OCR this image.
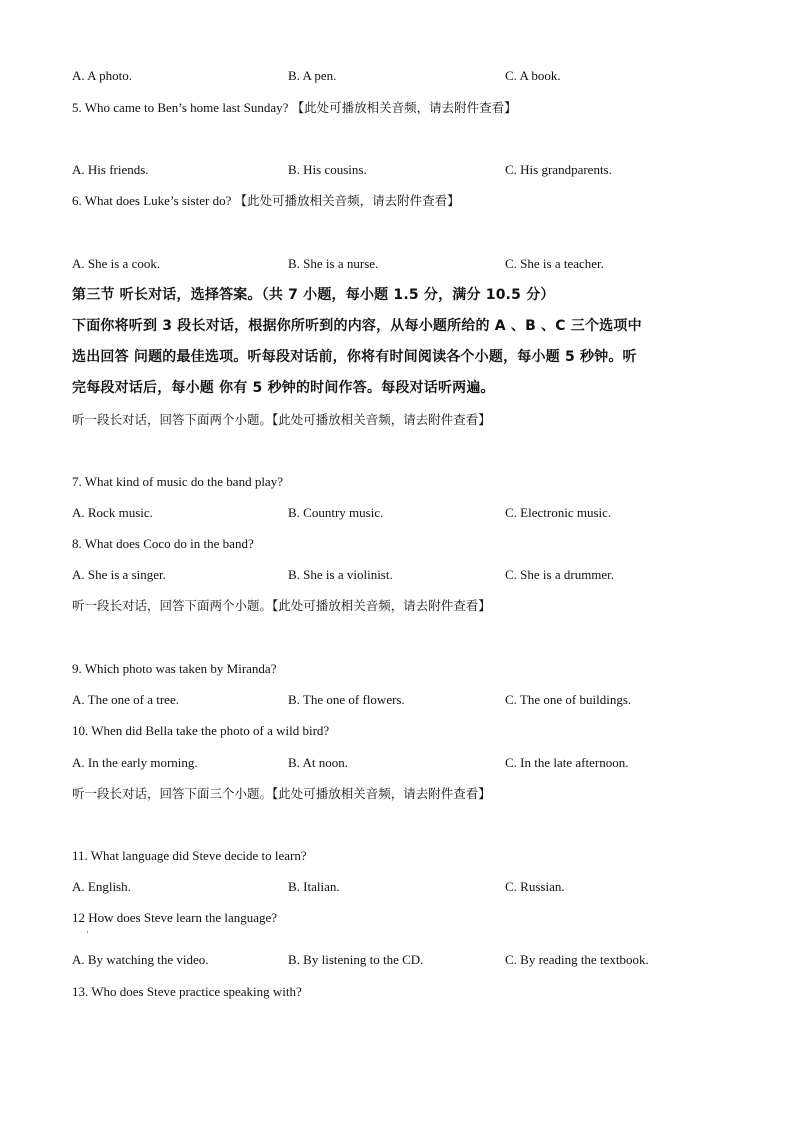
A. A photo.	B. A pen.	C. A book.
5. Who came to Ben’s home last Sunday? 【此处可播放相关音频，请去附件查看】
A. His friends.	B. His cousins.	C. His grandparents.
6. What does Luke’s sister do? 【此处可播放相关音频，请去附件查看】
A. She is a cook.	B. She is a nurse.	C. She is a teacher.
第三节 听长对话，选择答案。（共 7 小题，每小题 1.5 分，满分 10.5 分）
下面你将听到 3 段长对话，根据你所听到的内容，从每小题所给的 A 、B 、C 三个选项中
选出回答 问题的最佳选项。听每段对话前，你将有时间阅读各个小题，每小题 5 秒钟。听
完每段对话后，每小题 你有 5 秒钟的时间作答。每段对话听两遍。
听一段长对话，回答下面两个小题。【此处可播放相关音频，请去附件查看】
7. What kind of music do the band play?
A. Rock music.	B. Country music.	C. Electronic music.
8. What does Coco do in the band?
A. She is a singer.	B. She is a violinist.	C. She is a drummer.
听一段长对话，回答下面两个小题。【此处可播放相关音频，请去附件查看】
9. Which photo was taken by Miranda?
A. The one of a tree.	B. The one of flowers.	C. The one of buildings.
10. When did Bella take the photo of a wild bird?
A. In the early morning.	B. At noon.	C. In the late afternoon.
听一段长对话，回答下面三个小题。【此处可播放相关音频，请去附件查看】
11. What language did Steve decide to learn?
A. English.	B. Italian.	C. Russian.
12 How does Steve learn the language?
·
A. By watching the video.	B. By listening to the CD.	C. By reading the textbook.
13. Who does Steve practice speaking with?
